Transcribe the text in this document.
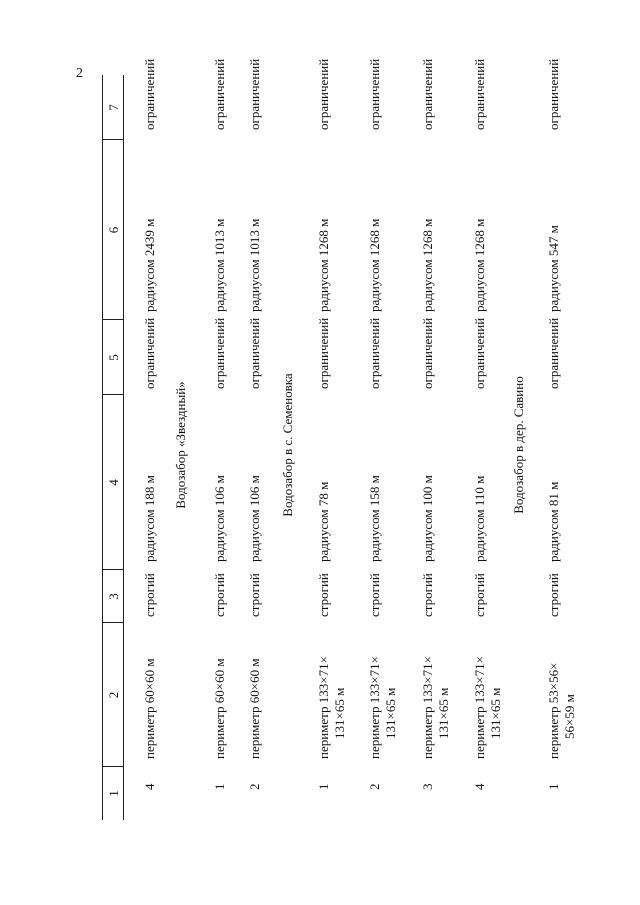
2
1
2
3
4
5
6
7
4
периметр 60×60 м
строгий
радиусом 188 м
ограничений
радиусом 2439 м
ограничений
Водозабор «Звездный»
1
периметр 60×60 м
строгий
радиусом 106 м
ограничений
радиусом 1013 м
ограничений
2
периметр 60×60 м
строгий
радиусом 106 м
ограничений
радиусом 1013 м
ограничений
Водозабор в с. Семеновка
1
периметр 133×71× 131×65 м
строгий
радиусом 78 м
ограничений
радиусом 1268 м
ограничений
2
периметр 133×71× 131×65 м
строгий
радиусом 158 м
ограничений
радиусом 1268 м
ограничений
3
периметр 133×71× 131×65 м
строгий
радиусом 100 м
ограничений
радиусом 1268 м
ограничений
4
периметр 133×71× 131×65 м
строгий
радиусом 110 м
ограничений
радиусом 1268 м
ограничений
Водозабор в дер. Савино
1
периметр 53×56× 56×59 м
строгий
радиусом 81 м
ограничений
радиусом 547 м
ограничений
